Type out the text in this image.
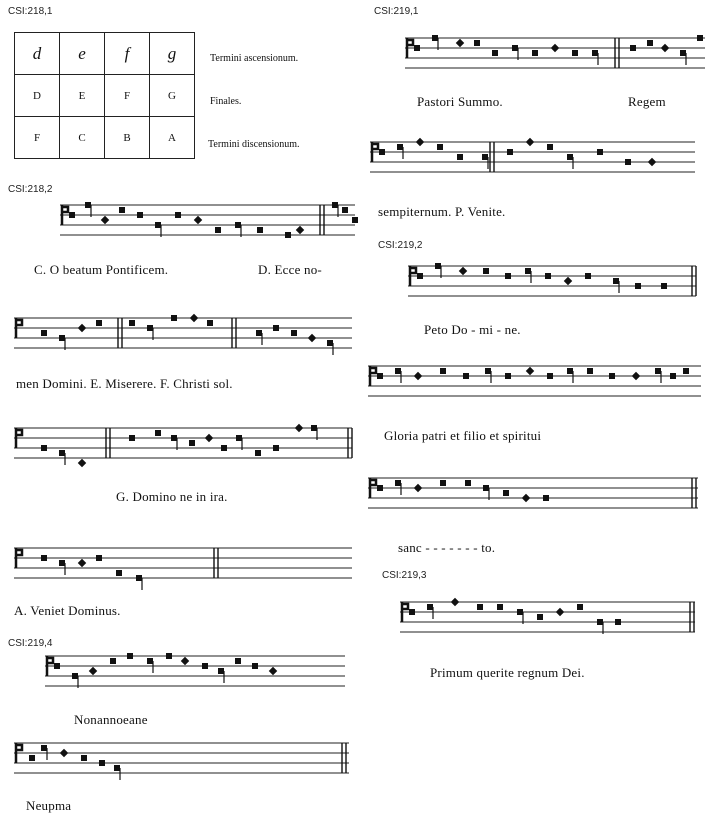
CSI:218,1
CSI:218,2
CSI:219,4
CSI:219,1
CSI:219,2
CSI:219,3
d	e	f	g
D	E	F	G
F	C	B	A
Termini ascensionum.
Finales.
Termini discensionum.
C. O beatum Pontificem.	D. Ecce no-
men Domini. E. Miserere. F. Christi sol.
G. Domino ne in ira.
A. Veniet Dominus.
Nonannoeane
Neupma
Pastori Summo.	Regem
sempiternum. P. Venite.
Peto Do - mi - ne.
Gloria patri et filio et spiritui
sanc - - - - - - - to.
Primum querite regnum Dei.
